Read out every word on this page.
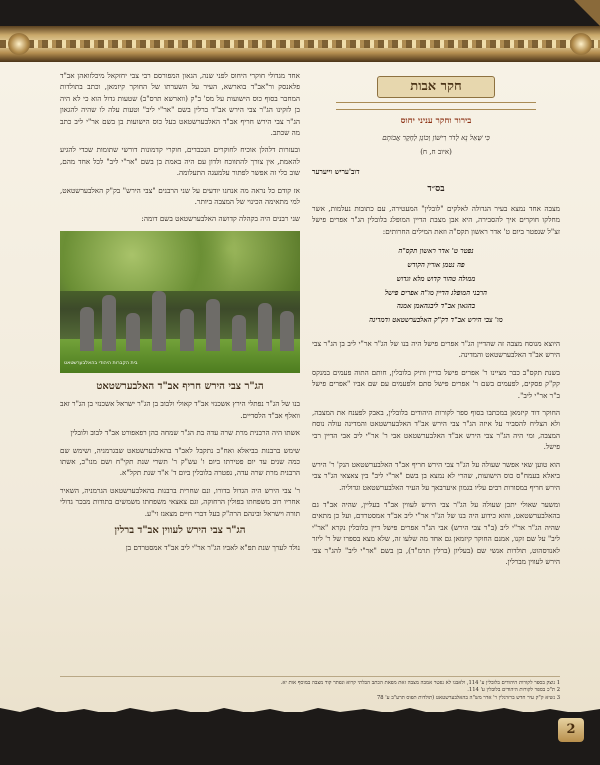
חקר אבות
בירור וחקר עניני יחוס
כִּי שְׁאַל נָא לְדֹר רִישׁוֹן וְכוֹנֵן לְחֵקֶר אֲבוֹתָם
(איוב ח, ח)
דוב'עריש וייערער
בס״ד

מצבה אחד נמצא בעיר הגדולה לאלקים "לובלין" המעטירה, עם כתובות נעלמות, אשר מחלקו חוקרים איך להסבירה, היא אבן מצבת הדיין המופלג בלובלין הג"ר אפרים פישל זצ"ל שנפטר ביום ט' אדר ראשון תקס"ה וזאת המילים החרותים:

נפטר ט' אדר ראשון תקס"ה
פה נטמן אורין הקודש
ממולה טהור קדוש מלא וגדוש
הרבני המופלג הדיין מו"ה אפרים פישל
בהגאון אב"ד ליבגהאמן אמנה
מו' צבי הירש אב"ד דק"ק האלבערשטאט ודמדינה

היוצא מנוסח מצבה זה שהדיין הג"ר אפרים פישל היה בנו של הג"ר אר"י ליב בן הג"ר צבי הירש אב"ד האלבערשטאט והמדינה.

בשנת תקס"ב כבר מציינו ר' אפרים פישל כדיין ותיק בלובלין, חותם התוה פעמים במנקס קק"ק פסקים, לפעמים בשם ר' אפרים פישל סתם ולפעמים עם שם אביו "אפרים פישל ב"ר אר"י ליב".

החוקר דוד קיזמאן במכתבו בסוף ספר לקורות היהודים בלובלין, באבק לפענח את המצבה, ולא הצליח להסביר על איזה הג"ר צבי הירש אב"ד האלבערשטאט והמדינה עולה נוסח המצבה, ומי היה הג"ר צבי הירש אב"ד האלבערשטאט אבי ר' אר"י ליב אבי הדיין רבי פישל.

הוא טוען שאי אפשר שעולה על הג"ר צבי הירש חריף אב"ד האלבערשטאט הנק' ר' הירש ביאלא בעמח"ס כוס הישועות, שהרי לא נמצא בן בשם "אר"י ליב" בין צאצאי הג"ר צבי הירש חריף במסורות רבים עליו בגמון איערבאך על העיר האלבערשטאט וגדוליה.

ומשער שאולי יתכן שעולה על הג"ר צבי הירש לעווין אב"ד בעליין, שהיה אב"ד גם בהאלבערשטאט, והוא כידוע היה בנו של הג"ר אר"י ליב אב"ד אמסטרדם, ועל כן מתאים שהיה הג"ר אר"י ליב (ב"ר צבי הירש) אבי הג"ר אפרים פישל דיין בלובלין נקרא "אר"י ליב" על שם זקנו, אמנם החוקר קיזמאן גם אחד מה שלעו זה, שלא מצא בספרו של ר' ליזר לאנדסהוט, תולדות אנשי שם (בעליון (ברלין תרמ"ד), בן בשם "אר"י ליב" להג"ר צבי הירש לעווין מברלין.

אחד מגדולי חוקרי היחוס לפני שנה, הגאון המפורסם רבי צבי יחזקאל מיכלזואהן אב"ד פלאנסק ור"אב"ד בוארשא, העיר על השערתו של החוקר קיזמאן, וכתב בתולדות המחבר בסוף כוס הישועות על מס' ב"ק (ווארשא תרס"ב) שטעות גדול הוא כי לא היה בן לזקינו הג"ר צבי הירש אב"ד ברלין בשם "אר"י ליב" וטעות עלה לו שהיה להגאון הג"ר צבי הירש חריף אב"ד האלבערשטאט בעל כוס הישועות בן בשם אר"י ליב כתב מה שכתב.

ובעזרות דלהלן אוכיח לחוקרים הנכבדים, חוקרי קדמונות דורשי שתומות שכדי להגיע להאמת, אין צורך להתווכח ולדון עם היה באמת בן בשם "אר"י ליב" לכל אחד מהם, שוב כלי זה אפשר לפתור עלמעגה התעלומה.

אז קודם כל נראה מה אנחנו יודעים על שני הרבנים "צבי הירש" בק"ק האלבערשטאט, למי מתאימה הכינוי של המצבה ביותר.

שני רבנים היה בקהלה קדושה האלבערשטאט בשם דומה:

בית הקברות היהודי בהאלבערשטאט
הג"ר צבי הירש חריף אב"ד האלבערשטאט

בנו של הג"ר נפתלי הירץ אשכנזי אב"ד קאולי ולבוב בן הג"ר ישראל אשכנזי בן הג"ר זאב וואלף אב"ד הלסדיים.

אשתו היה הרבנית מרת שרה עדה בת הג"ר שמחה כהן רפאפורט אב"ד לבוב ולובלין

שימש ברבנות בביאלא ואח"כ נתקבל לאב"ד בהאלבערשטאט שבגרמניה, ושימש שם כמה שנים עד יום פטירתו ביום ו' עש"ק ר' תשרי שנת תקי"ח ושם מנו"כ, אשתו הרבנית מרת שרה עדה, נפטרה בלובלין ביום ד' א"ד שנת תקל"א.

ר' צבי הירש היה הגדול בדורו, ונם שחרית ברבנות בהאלבערשטאט הגרמניה, השאיר אחריו רוב משפחתו בפולין הרחוקה, וגם צאצאי משפחתו משמשים בתודות מבכר גדולי תורה וישראל ובינהם הרה"ק בעל דברי חיים מצאנז זי"ע.

הג"ר צבי הירש לעווין אב"ד ברלין

נולד לערך שנת תפ"א לאביו הג"ר אר"י ליב אב"ד אמסטרדם בן

1 נוצק בספר לקורות היהודים בלובלין ע' 114, ולאבנו לא נפטר אמבה מצבה זאת מפאת הכתב הבלתי קרוא ונפתר קוד מצבה במוסף אות יא.
2 ת"כ בספר לקורות היהודים בלובלין ע' 114.
3 נשיא ק"ק עיר חדש ברזרגלין ר' אדר מש"ה בהאלבערשטאט (תולדות תפוס תרע"ב ע' 78
2
